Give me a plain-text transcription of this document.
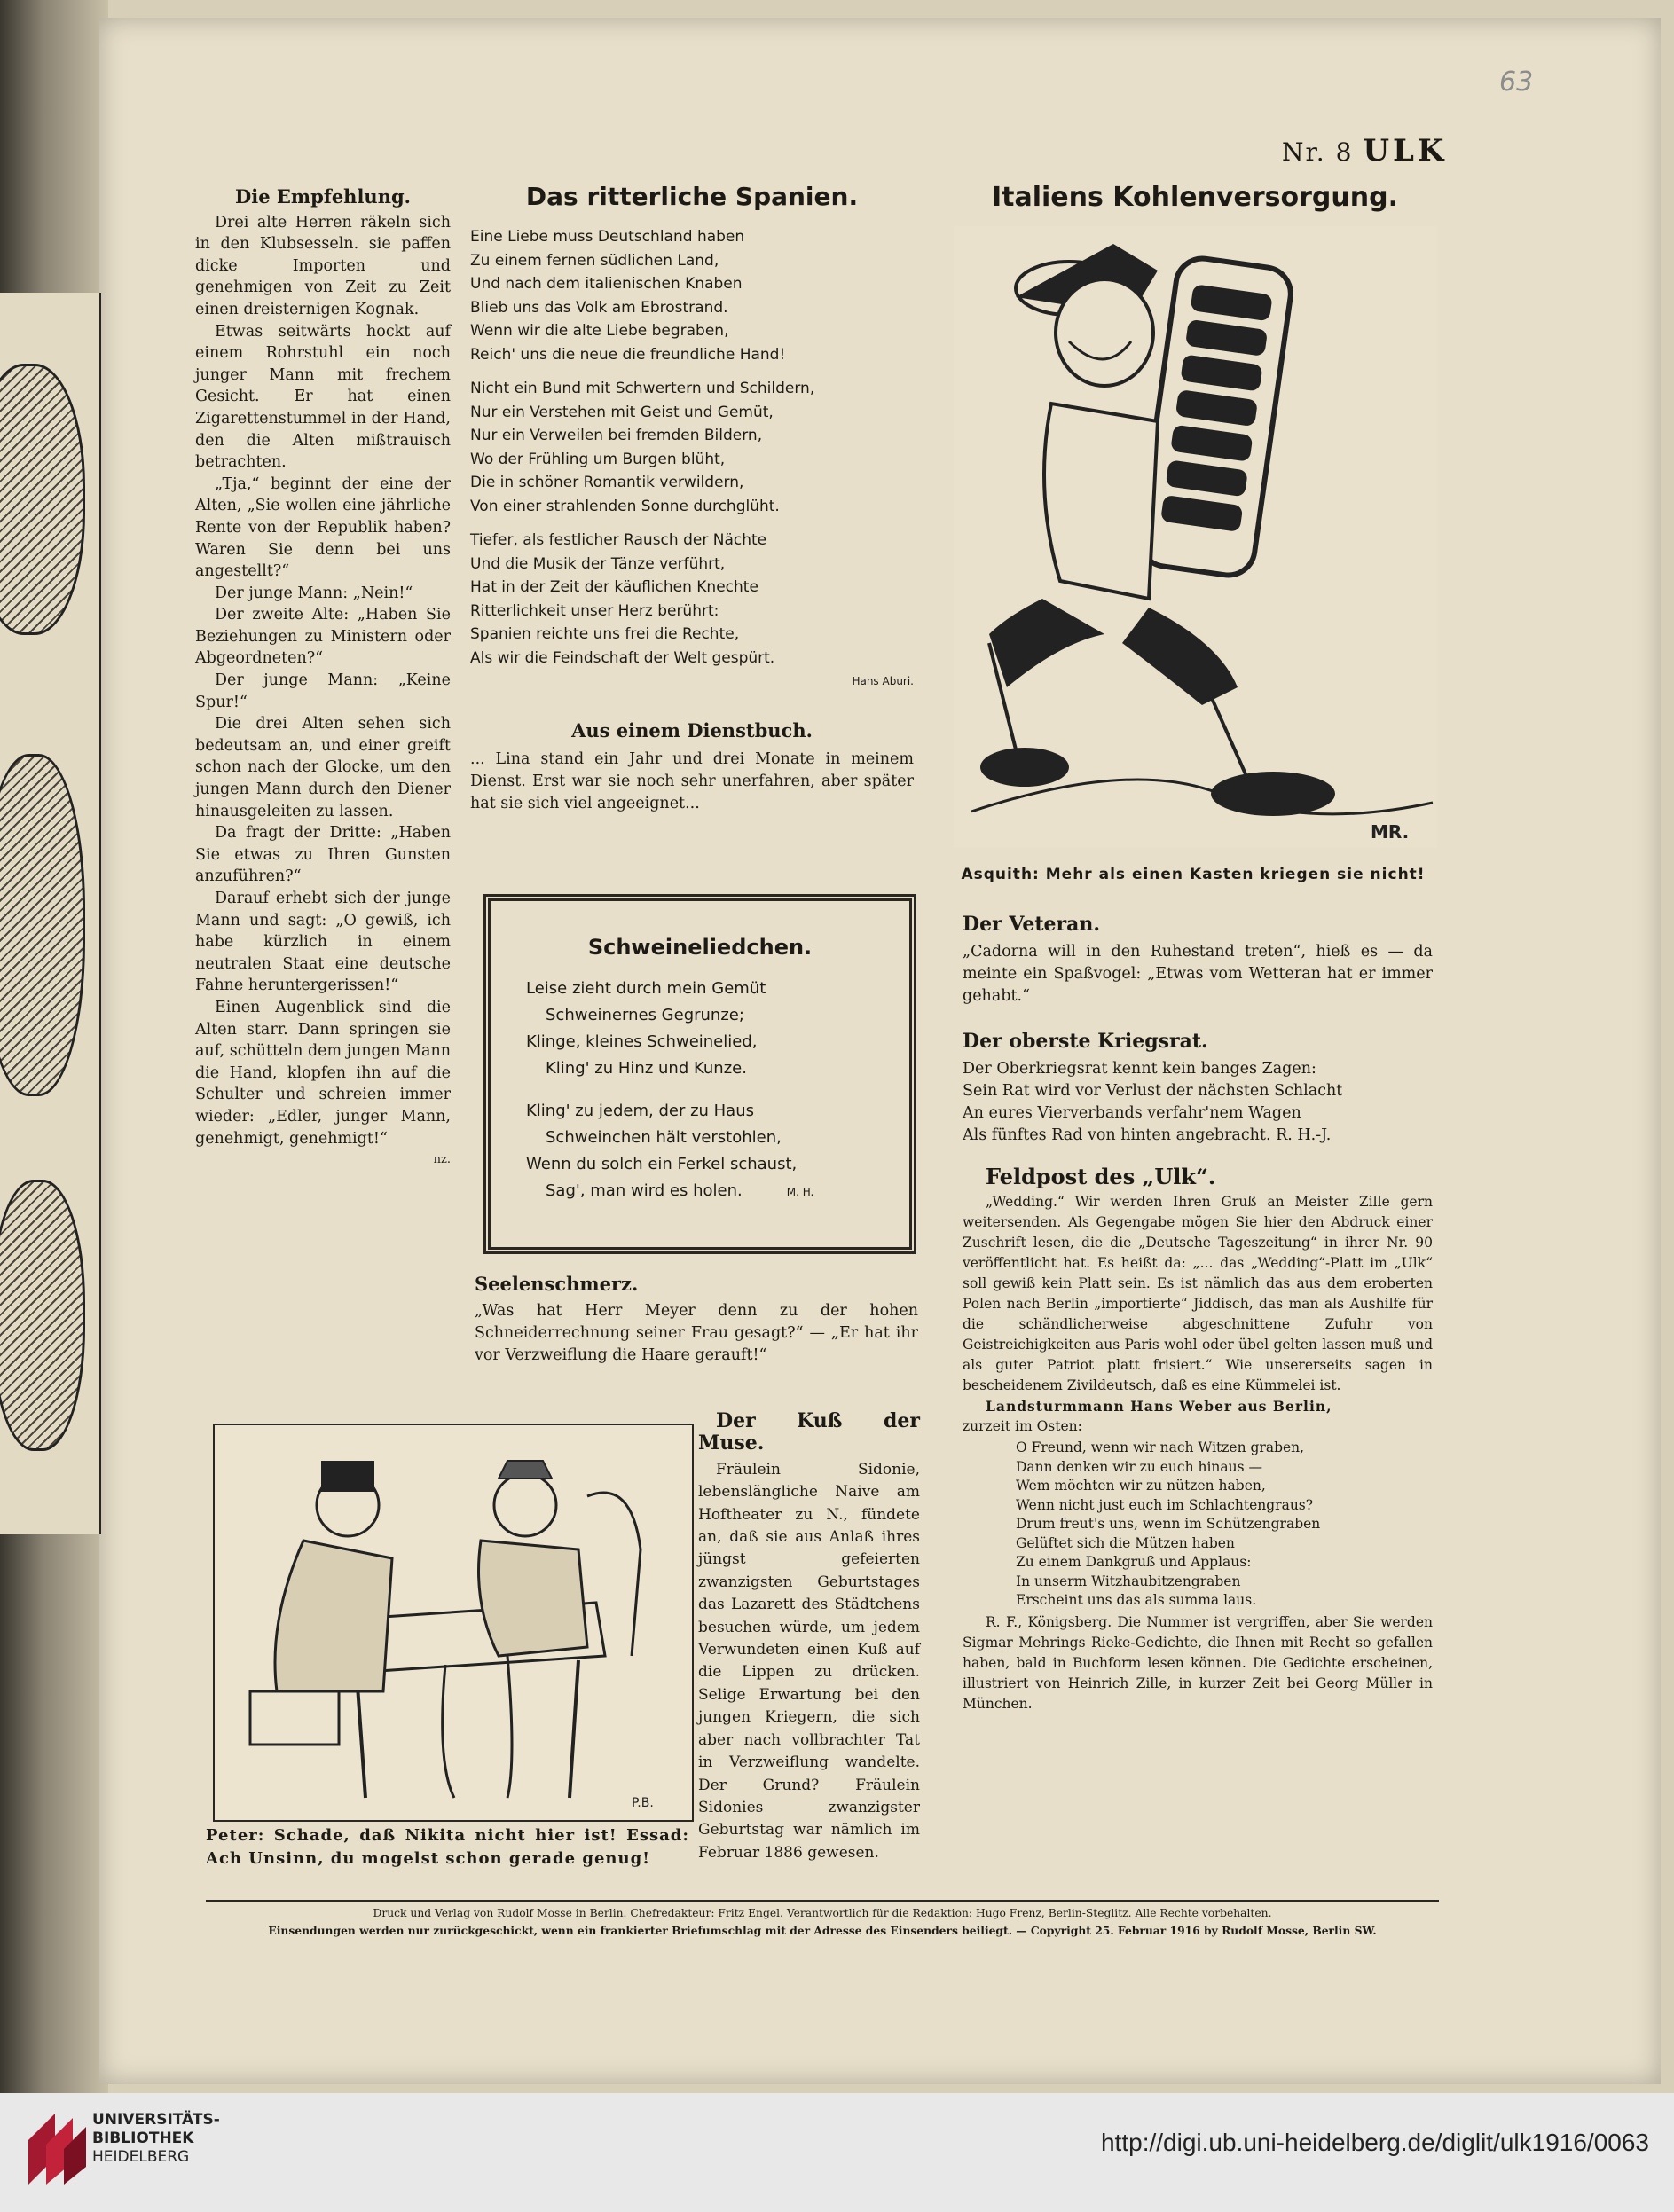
63
Nr. 8 ULK

Die Empfehlung.

Drei alte Herren räkeln sich in den Klubsesseln. sie paffen dicke Importen und genehmigen von Zeit zu Zeit einen dreisternigen Kognak.

Etwas seitwärts hockt auf einem Rohrstuhl ein noch junger Mann mit frechem Gesicht. Er hat einen Zigarettenstummel in der Hand, den die Alten mißtrauisch betrachten.

„Tja,“ beginnt der eine der Alten, „Sie wollen eine jährliche Rente von der Republik haben? Waren Sie denn bei uns angestellt?“

Der junge Mann: „Nein!“

Der zweite Alte: „Haben Sie Beziehungen zu Ministern oder Abgeordneten?“

Der junge Mann: „Keine Spur!“

Die drei Alten sehen sich bedeutsam an, und einer greift schon nach der Glocke, um den jungen Mann durch den Diener hinausgeleiten zu lassen.

Da fragt der Dritte: „Haben Sie etwas zu Ihren Gunsten anzuführen?“

Darauf erhebt sich der junge Mann und sagt: „O gewiß, ich habe kürzlich in einem neutralen Staat eine deutsche Fahne heruntergerissen!“

Einen Augenblick sind die Alten starr. Dann springen sie auf, schütteln dem jungen Mann die Hand, klopfen ihn auf die Schulter und schreien immer wieder: „Edler, junger Mann, genehmigt, genehmigt!“

nz.
Das ritterliche Spanien.
Eine Liebe muss Deutschland haben
Zu einem fernen südlichen Land,
Und nach dem italienischen Knaben
Blieb uns das Volk am Ebrostrand.
Wenn wir die alte Liebe begraben,
Reich' uns die neue die freundliche Hand!
Nicht ein Bund mit Schwertern und Schildern,
Nur ein Verstehen mit Geist und Gemüt,
Nur ein Verweilen bei fremden Bildern,
Wo der Frühling um Burgen blüht,
Die in schöner Romantik verwildern,
Von einer strahlenden Sonne durchglüht.
Tiefer, als festlicher Rausch der Nächte
Und die Musik der Tänze verführt,
Hat in der Zeit der käuflichen Knechte
Ritterlichkeit unser Herz berührt:
Spanien reichte uns frei die Rechte,
Als wir die Feindschaft der Welt gespürt.
Hans Aburi.
Aus einem Dienstbuch.

... Lina stand ein Jahr und drei Monate in meinem Dienst. Erst war sie noch sehr unerfahren, aber später hat sie sich viel angeeignet...

Schweineliedchen.
Leise zieht durch mein Gemüt
Schweinernes Gegrunze;
Klinge, kleines Schweinelied,
Kling' zu Hinz und Kunze.
Kling' zu jedem, der zu Haus
Schweinchen hält verstohlen,
Wenn du solch ein Ferkel schaust,
Sag', man wird es holen.	M. H.

Seelenschmerz.

„Was hat Herr Meyer denn zu der hohen Schneiderrechnung seiner Frau gesagt?“ — „Er hat ihr vor Verzweiflung die Haare gerauft!“

Italiens Kohlenversorgung.
MR.
Asquith: Mehr als einen Kasten kriegen sie nicht!

Der Veteran.

„Cadorna will in den Ruhestand treten“, hieß es — da meinte ein Spaßvogel: „Etwas vom Wetteran hat er immer gehabt.“

Der oberste Kriegsrat.

Der Oberkriegsrat kennt kein banges Zagen:
Sein Rat wird vor Verlust der nächsten Schlacht
An eures Vierverbands verfahr'nem Wagen
Als fünftes Rad von hinten angebracht. R. H.-J.

Feldpost des „Ulk“.

„Wedding.“ Wir werden Ihren Gruß an Meister Zille gern weitersenden. Als Gegengabe mögen Sie hier den Abdruck einer Zuschrift lesen, die die „Deutsche Tageszeitung“ in ihrer Nr. 90 veröffentlicht hat. Es heißt da: „... das „Wedding“-Platt im „Ulk“ soll gewiß kein Platt sein. Es ist nämlich das aus dem eroberten Polen nach Berlin „importierte“ Jiddisch, das man als Aushilfe für die schändlicherweise abgeschnittene Zufuhr von Geistreichigkeiten aus Paris wohl oder übel gelten lassen muß und als guter Patriot platt frisiert.“ Wie unsererseits sagen in bescheidenem Zivildeutsch, daß es eine Kümmelei ist.

Landsturmmann Hans Weber aus Berlin,

zurzeit im Osten:

O Freund, wenn wir nach Witzen graben,
Dann denken wir zu euch hinaus —
Wem möchten wir zu nützen haben,
Wenn nicht just euch im Schlachtengraus?
Drum freut's uns, wenn im Schützengraben
Gelüftet sich die Mützen haben
Zu einem Dankgruß und Applaus:
In unserm Witzhaubitzengraben
Erscheint uns das als summa laus.

R. F., Königsberg. Die Nummer ist vergriffen, aber Sie werden Sigmar Mehrings Rieke-Gedichte, die Ihnen mit Recht so gefallen haben, bald in Buchform lesen können. Die Gedichte erscheinen, illustriert von Heinrich Zille, in kurzer Zeit bei Georg Müller in München.

P.B.
Peter: Schade, daß Nikita nicht hier ist! Essad: Ach Unsinn, du mogelst schon gerade genug!

Der Kuß der Muse.

Fräulein Sidonie, lebenslängliche Naive am Hoftheater zu N., fündete an, daß sie aus Anlaß ihres jüngst gefeierten zwanzigsten Geburtstages das Lazarett des Städtchens besuchen würde, um jedem Verwundeten einen Kuß auf die Lippen zu drücken. Selige Erwartung bei den jungen Kriegern, die sich aber nach vollbrachter Tat in Verzweiflung wandelte. Der Grund? Fräulein Sidonies zwanzigster Geburtstag war nämlich im Februar 1886 gewesen.

Druck und Verlag von Rudolf Mosse in Berlin. Chefredakteur: Fritz Engel. Verantwortlich für die Redaktion: Hugo Frenz, Berlin-Steglitz. Alle Rechte vorbehalten.
Einsendungen werden nur zurückgeschickt, wenn ein frankierter Briefumschlag mit der Adresse des Einsenders beiliegt. — Copyright 25. Februar 1916 by Rudolf Mosse, Berlin SW.
UNIVERSITÄTS-
BIBLIOTHEK
HEIDELBERG
http://digi.ub.uni-heidelberg.de/diglit/ulk1916/0063
